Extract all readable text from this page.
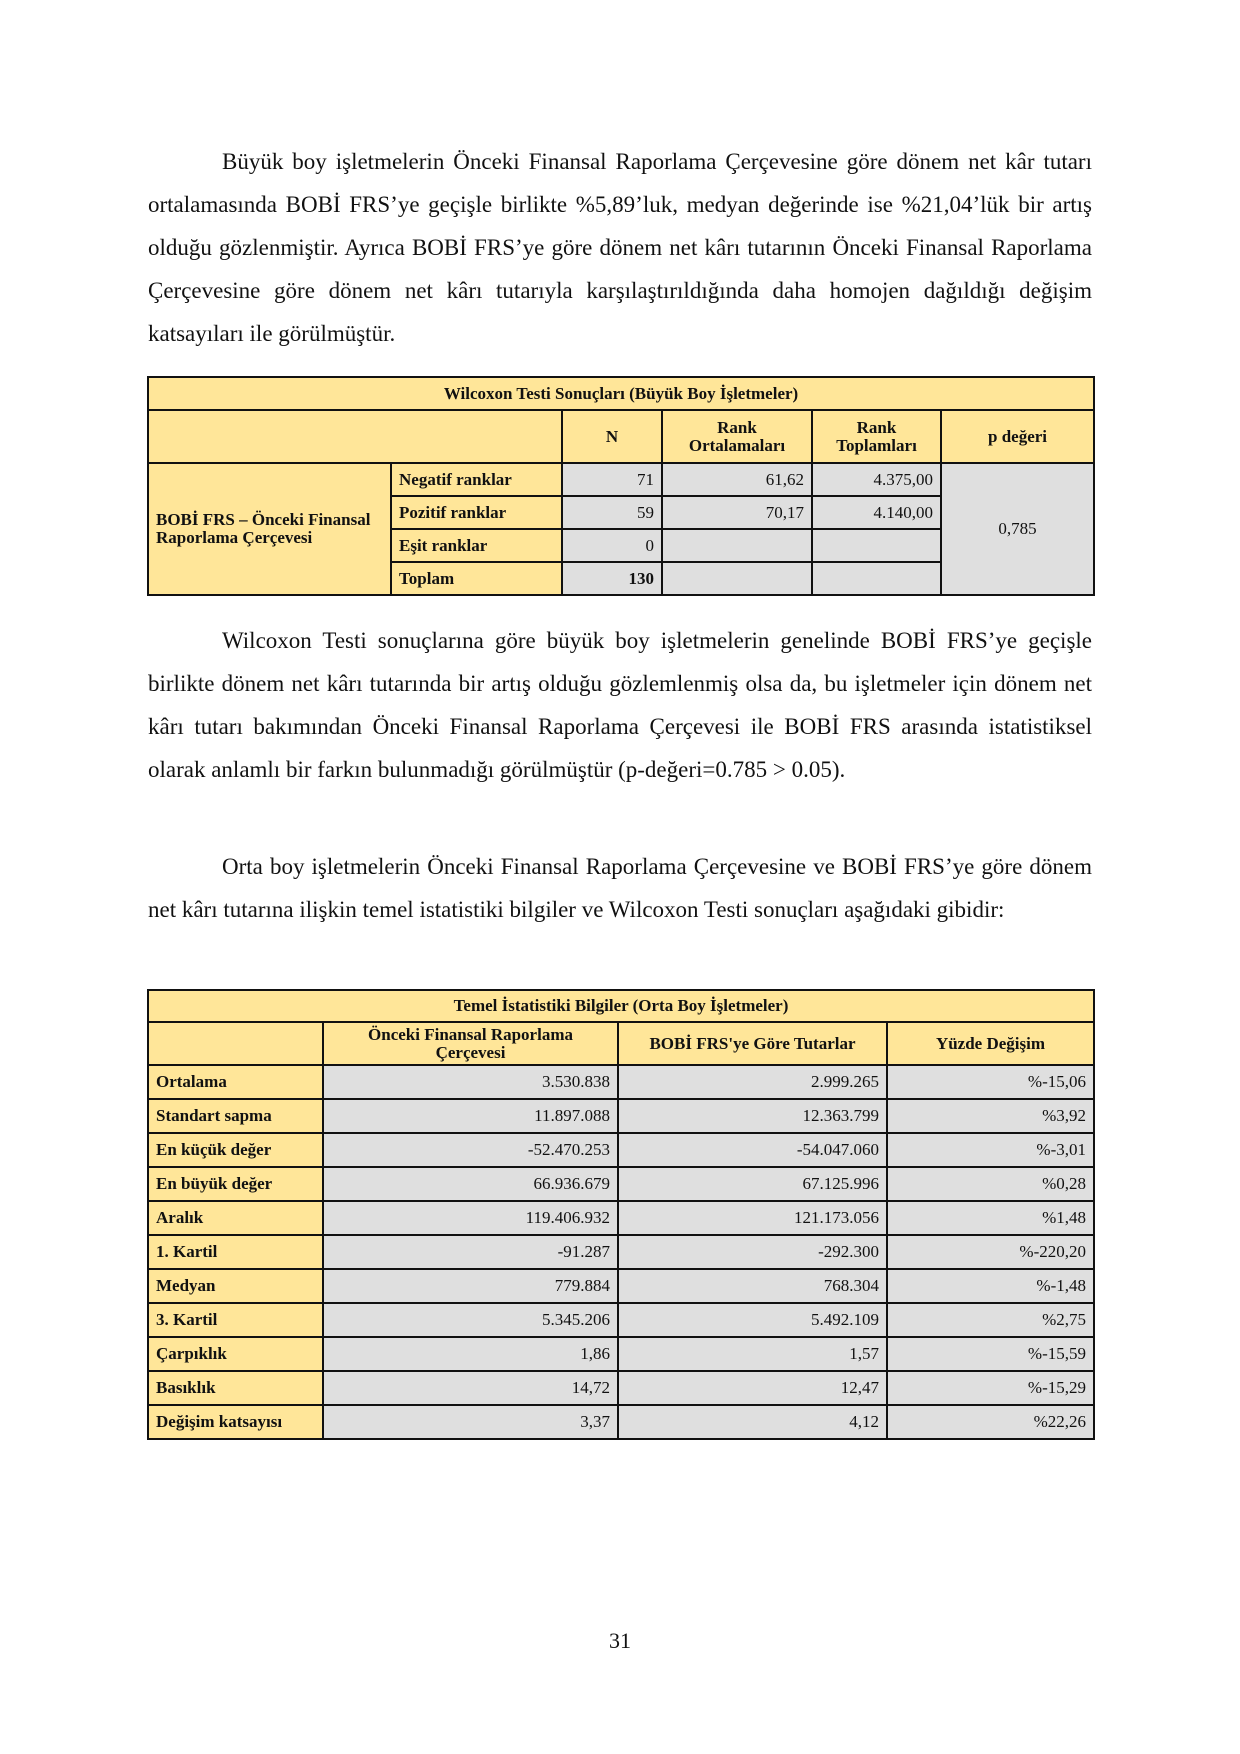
Büyük boy işletmelerin Önceki Finansal Raporlama Çerçevesine göre dönem net kâr tutarı ortalamasında BOBİ FRS’ye geçişle birlikte %5,89’luk, medyan değerinde ise %21,04’lük bir artış olduğu gözlenmiştir. Ayrıca BOBİ FRS’ye göre dönem net kârı tutarının Önceki Finansal Raporlama Çerçevesine göre dönem net kârı tutarıyla karşılaştırıldığında daha homojen dağıldığı değişim katsayıları ile görülmüştür.

Wilcoxon Testi Sonuçları (Büyük Boy İşletmeler)					
		N	Rank Ortalamaları	Rank Toplamları	p değeri
BOBİ FRS – Önceki Finansal Raporlama Çerçevesi	Negatif ranklar	71	61,62	4.375,00	0,785
	Pozitif ranklar	59	70,17	4.140,00	
	Eşit ranklar	0			
	Toplam	130			

Wilcoxon Testi sonuçlarına göre büyük boy işletmelerin genelinde BOBİ FRS’ye geçişle birlikte dönem net kârı tutarında bir artış olduğu gözlemlenmiş olsa da, bu işletmeler için dönem net kârı tutarı bakımından Önceki Finansal Raporlama Çerçevesi ile BOBİ FRS arasında istatistiksel olarak anlamlı bir farkın bulunmadığı görülmüştür (p-değeri=0.785 > 0.05).

Orta boy işletmelerin Önceki Finansal Raporlama Çerçevesine ve BOBİ FRS’ye göre dönem net kârı tutarına ilişkin temel istatistiki bilgiler ve Wilcoxon Testi sonuçları aşağıdaki gibidir:

Temel İstatistiki Bilgiler (Orta Boy İşletmeler)			
	Önceki Finansal Raporlama Çerçevesi	BOBİ FRS'ye Göre Tutarlar	Yüzde Değişim
Ortalama	3.530.838	2.999.265	%-15,06
Standart sapma	11.897.088	12.363.799	%3,92
En küçük değer	-52.470.253	-54.047.060	%-3,01
En büyük değer	66.936.679	67.125.996	%0,28
Aralık	119.406.932	121.173.056	%1,48
1. Kartil	-91.287	-292.300	%-220,20
Medyan	779.884	768.304	%-1,48
3. Kartil	5.345.206	5.492.109	%2,75
Çarpıklık	1,86	1,57	%-15,59
Basıklık	14,72	12,47	%-15,29
Değişim katsayısı	3,37	4,12	%22,26
31
